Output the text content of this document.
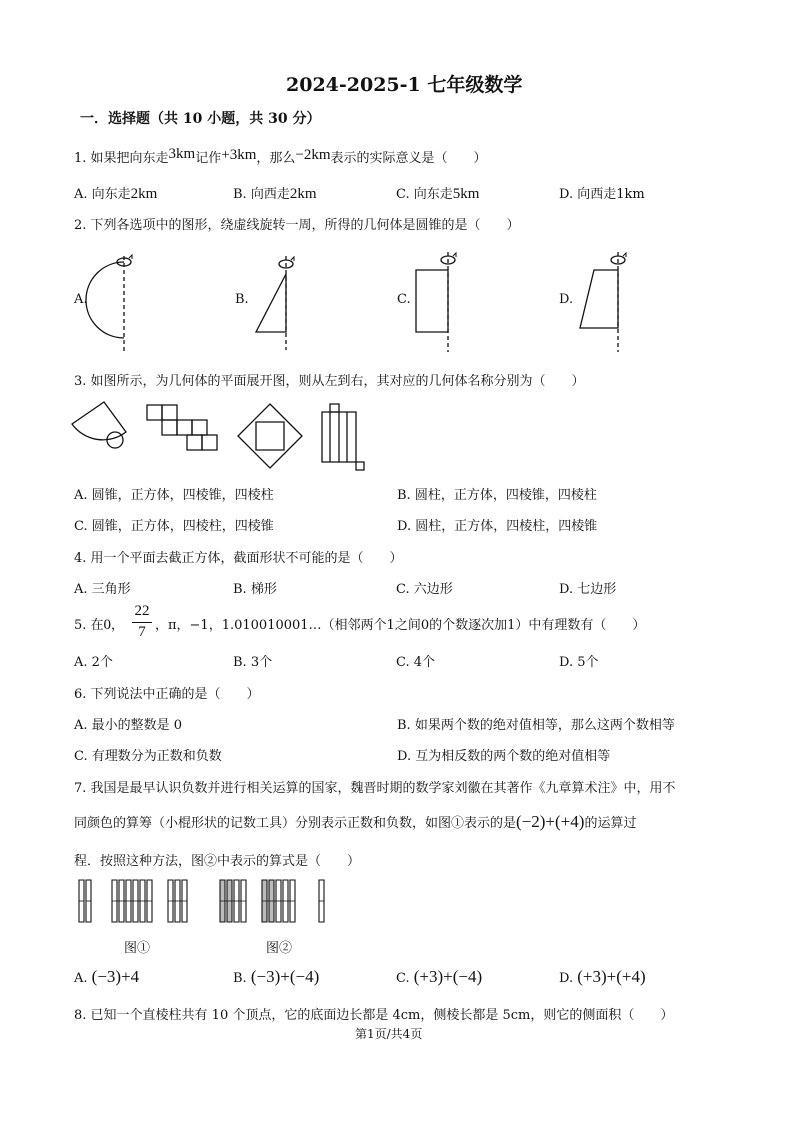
2024-2025-1 七年级数学
一．选择题（共 10 小题，共 30 分）
1. 如果把向东走3km记作+3km，那么−2km表示的实际意义是（　　）
A. 向东走2km	B. 向西走2km	C. 向东走5km	D. 向西走1km
2. 下列各选项中的图形，绕虚线旋转一周，所得的几何体是圆锥的是（　　）
A.	B.	C.	D.
3. 如图所示，为几何体的平面展开图，则从左到右，其对应的几何体名称分别为（　　）
A. 圆锥，正方体，四棱锥，四棱柱	B. 圆柱，正方体，四棱锥，四棱柱
C. 圆锥，正方体，四棱柱，四棱锥	D. 圆柱，正方体，四棱柱，四棱锥
4. 用一个平面去截正方体，截面形状不可能的是（　　）
A. 三角形	B. 梯形	C. 六边形	D. 七边形
5. 在0，
22
7 ，π，−1，1.010010001…（相邻两个1之间0的个数逐次加1）中有理数有（　　）
A. 2个	B. 3个	C. 4个	D. 5个
6. 下列说法中正确的是（　　）
A. 最小的整数是 0	B. 如果两个数的绝对值相等，那么这两个数相等
C. 有理数分为正数和负数	D. 互为相反数的两个数的绝对值相等
7. 我国是最早认识负数并进行相关运算的国家，魏晋时期的数学家刘徽在其著作《九章算术注》中，用不
同颜色的算筹（小棍形状的记数工具）分别表示正数和负数，如图①表示的是(−2)+(+4)的运算过
程．按照这种方法，图②中表示的算式是（　　）
图①	图②
A. (−3)+4	B. (−3)+(−4)	C. (+3)+(−4)	D. (+3)+(+4)
8. 已知一个直棱柱共有 10 个顶点，它的底面边长都是 4cm，侧棱长都是 5cm，则它的侧面积（　　）
第1页/共4页
